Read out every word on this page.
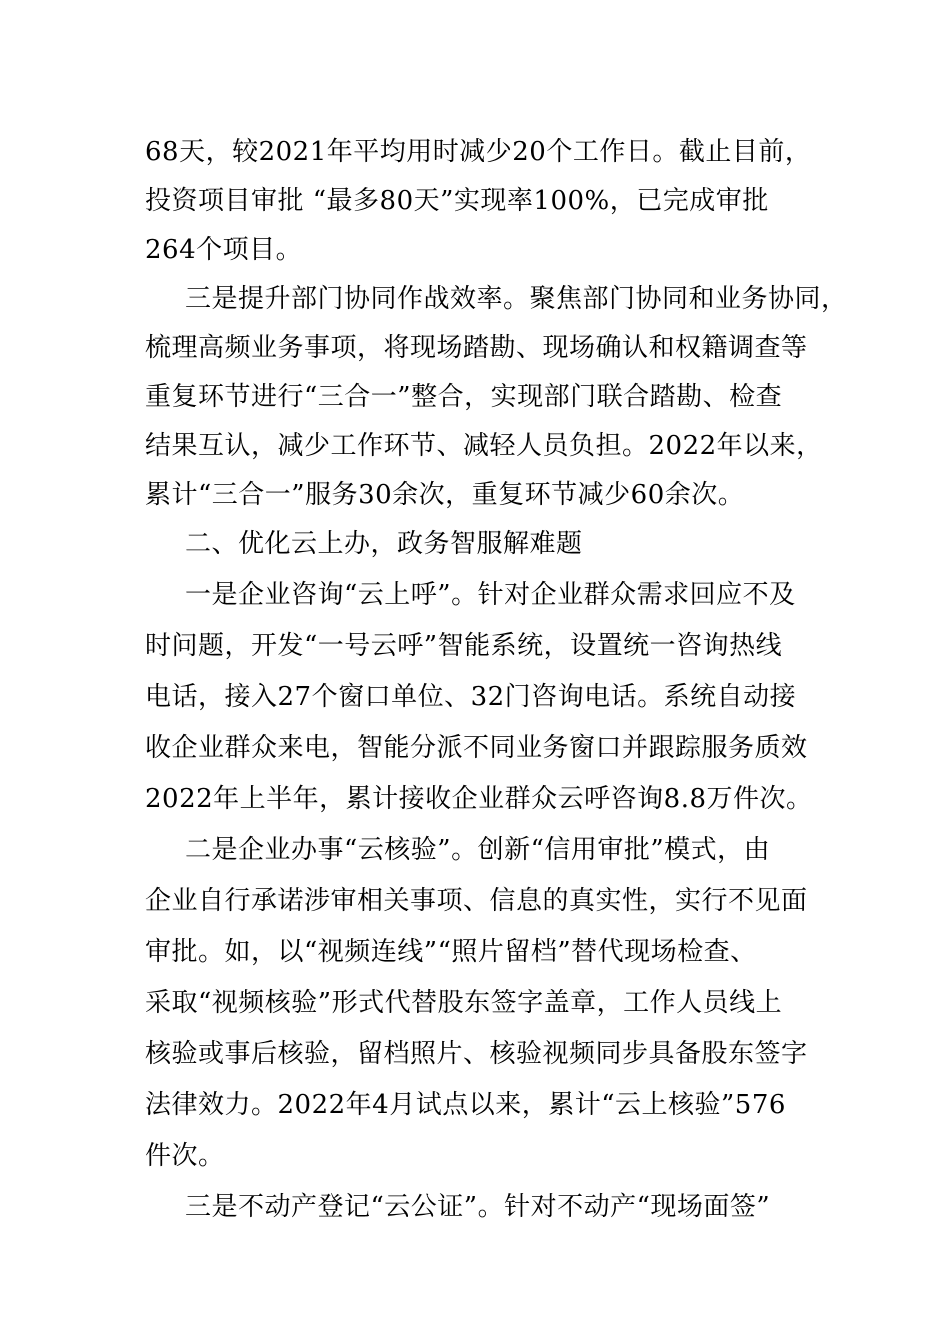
68天，较2021年平均用时减少20个工作日。截止目前，
投资项目审批 “最多80天”实现率100%，已完成审批
264个项目。
三是提升部门协同作战效率。聚焦部门协同和业务协同，
梳理高频业务事项，将现场踏勘、现场确认和权籍调查等
重复环节进行“三合一”整合，实现部门联合踏勘、检查
结果互认，减少工作环节、减轻人员负担。2022年以来，
累计“三合一”服务30余次，重复环节减少60余次。
二、优化云上办，政务智服解难题
一是企业咨询“云上呼”。针对企业群众需求回应不及
时问题，开发“一号云呼”智能系统，设置统一咨询热线
电话，接入27个窗口单位、32门咨询电话。系统自动接
收企业群众来电，智能分派不同业务窗口并跟踪服务质效
2022年上半年，累计接收企业群众云呼咨询8.8万件次。
二是企业办事“云核验”。创新“信用审批”模式，由
企业自行承诺涉审相关事项、信息的真实性，实行不见面
审批。如，以“视频连线”“照片留档”替代现场检查、
采取“视频核验”形式代替股东签字盖章，工作人员线上
核验或事后核验，留档照片、核验视频同步具备股东签字
法律效力。2022年4月试点以来，累计“云上核验”576
件次。
三是不动产登记“云公证”。针对不动产“现场面签”
